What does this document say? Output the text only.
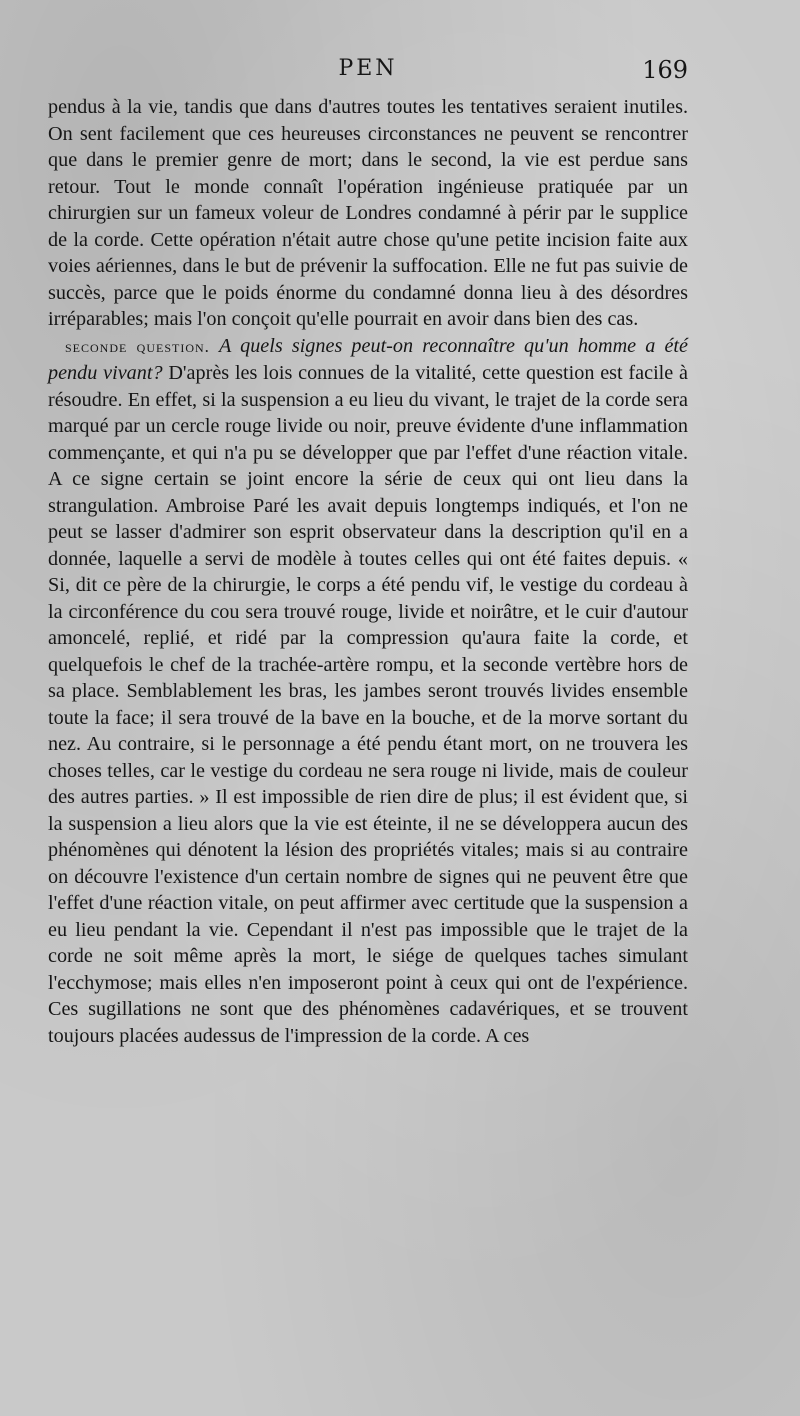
PEN	169

pendus à la vie, tandis que dans d'autres toutes les tentatives seraient inutiles. On sent facilement que ces heureuses circonstances ne peuvent se rencontrer que dans le premier genre de mort; dans le second, la vie est perdue sans retour. Tout le monde connaît l'opération ingénieuse pratiquée par un chirurgien sur un fameux voleur de Londres condamné à périr par le supplice de la corde. Cette opération n'était autre chose qu'une petite incision faite aux voies aériennes, dans le but de prévenir la suffocation. Elle ne fut pas suivie de succès, parce que le poids énorme du condamné donna lieu à des désordres irréparables; mais l'on conçoit qu'elle pourrait en avoir dans bien des cas.

seconde question. A quels signes peut-on reconnaître qu'un homme a été pendu vivant? D'après les lois connues de la vitalité, cette question est facile à résoudre. En effet, si la suspension a eu lieu du vivant, le trajet de la corde sera marqué par un cercle rouge livide ou noir, preuve évidente d'une inflammation commençante, et qui n'a pu se développer que par l'effet d'une réaction vitale. A ce signe certain se joint encore la série de ceux qui ont lieu dans la strangulation. Ambroise Paré les avait depuis longtemps indiqués, et l'on ne peut se lasser d'admirer son esprit observateur dans la description qu'il en a donnée, laquelle a servi de modèle à toutes celles qui ont été faites depuis. « Si, dit ce père de la chirurgie, le corps a été pendu vif, le vestige du cordeau à la circonférence du cou sera trouvé rouge, livide et noirâtre, et le cuir d'autour amoncelé, replié, et ridé par la compression qu'aura faite la corde, et quelquefois le chef de la trachée-artère rompu, et la seconde vertèbre hors de sa place. Semblablement les bras, les jambes seront trouvés livides ensemble toute la face; il sera trouvé de la bave en la bouche, et de la morve sortant du nez. Au contraire, si le personnage a été pendu étant mort, on ne trouvera les choses telles, car le vestige du cordeau ne sera rouge ni livide, mais de couleur des autres parties. » Il est impossible de rien dire de plus; il est évident que, si la suspension a lieu alors que la vie est éteinte, il ne se développera aucun des phénomènes qui dénotent la lésion des propriétés vitales; mais si au contraire on découvre l'existence d'un certain nombre de signes qui ne peuvent être que l'effet d'une réaction vitale, on peut affirmer avec certitude que la suspension a eu lieu pendant la vie. Cependant il n'est pas impossible que le trajet de la corde ne soit même après la mort, le siége de quelques taches simulant l'ecchymose; mais elles n'en imposeront point à ceux qui ont de l'expérience. Ces sugillations ne sont que des phénomènes cadavériques, et se trouvent toujours placées audessus de l'impression de la corde. A ces
